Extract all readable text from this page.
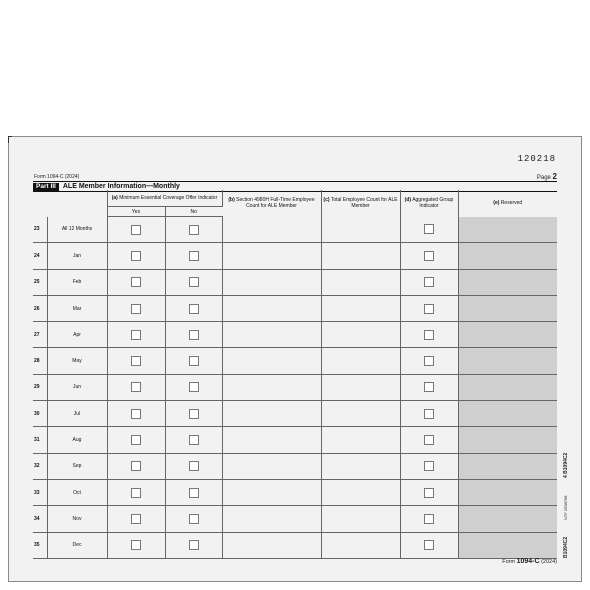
120218
Form 1094-C (2024)	Page 2
Part III	ALE Member Information—Monthly
		(a) Minimum Essential Coverage Offer Indicator		(b) Section 4980H Full-Time Employee Count for ALE Member	(c) Total Employee Count for ALE Member	(d) Aggregated Group Indicator	(e) Reserved
		Yes	No				
23	All 12 Months	

24	Jan	

25	Feb	

26	Mar	

27	Apr	

28	May	

29	Jun	

30	Jul	

31	Aug	

32	Sep	

33	Oct	

34	Nov	

35	Dec	

Form 1094-C (2024)
4 B1094C2
NTF 2598768
B1094C2
